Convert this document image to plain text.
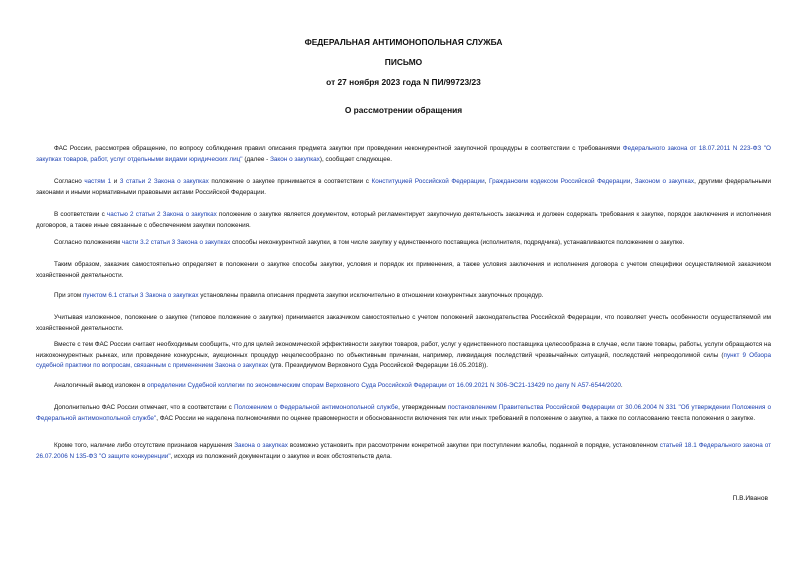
ФЕДЕРАЛЬНАЯ АНТИМОНОПОЛЬНАЯ СЛУЖБА
ПИСЬМО
от 27 ноября 2023 года N ПИ/99723/23
О рассмотрении обращения

ФАС России, рассмотрев обращение, по вопросу соблюдения правил описания предмета закупки при проведении неконкурентной закупочной процедуры в соответствии с требованиями Федерального закона от 18.07.2011 N 223-ФЗ "О закупках товаров, работ, услуг отдельными видами юридических лиц" (далее - Закон о закупках), сообщает следующее.

Согласно частям 1 и 3 статьи 2 Закона о закупках положение о закупке принимается в соответствии с Конституцией Российской Федерации, Гражданским кодексом Российской Федерации, Законом о закупках, другими федеральными законами и иными нормативными правовыми актами Российской Федерации.

В соответствии с частью 2 статьи 2 Закона о закупках положение о закупке является документом, который регламентирует закупочную деятельность заказчика и должен содержать требования к закупке, порядок заключения и исполнения договоров, а также иные связанные с обеспечением закупки положения.

Согласно положениям части 3.2 статьи 3 Закона о закупках способы неконкурентной закупки, в том числе закупку у единственного поставщика (исполнителя, подрядчика), устанавливаются положением о закупке.

Таким образом, заказчик самостоятельно определяет в положении о закупке способы закупки, условия и порядок их применения, а также условия заключения и исполнения договора с учетом специфики осуществляемой заказчиком хозяйственной деятельности.

При этом пунктом 6.1 статьи 3 Закона о закупках установлены правила описания предмета закупки исключительно в отношении конкурентных закупочных процедур.

Учитывая изложенное, положение о закупке (типовое положение о закупке) принимается заказчиком самостоятельно с учетом положений законодательства Российской Федерации, что позволяет учесть особенности осуществляемой им хозяйственной деятельности.

Вместе с тем ФАС России считает необходимым сообщить, что для целей экономической эффективности закупки товаров, работ, услуг у единственного поставщика целесообразна в случае, если такие товары, работы, услуги обращаются на низкоконкурентных рынках, или проведение конкурсных, аукционных процедур нецелесообразно по объективным причинам, например, ликвидация последствий чрезвычайных ситуаций, последствий непреодолимой силы (пункт 9 Обзора судебной практики по вопросам, связанным с применением Закона о закупках (утв. Президиумом Верховного Суда Российской Федерации 16.05.2018)).

Аналогичный вывод изложен в определении Судебной коллегии по экономическим спорам Верховного Суда Российской Федерации от 16.09.2021 N 306-ЭС21-13429 по делу N А57-6544/2020.

Дополнительно ФАС России отмечает, что в соответствии с Положением о Федеральной антимонопольной службе, утвержденным постановлением Правительства Российской Федерации от 30.06.2004 N 331 "Об утверждении Положения о Федеральной антимонопольной службе", ФАС России не наделена полномочиями по оценке правомерности и обоснованности включения тех или иных требований в положение о закупке, а также по согласованию текста положения о закупке.

Кроме того, наличие либо отсутствие признаков нарушения Закона о закупках возможно установить при рассмотрении конкретной закупки при поступлении жалобы, поданной в порядке, установленном статьей 18.1 Федерального закона от 26.07.2006 N 135-ФЗ "О защите конкуренции", исходя из положений документации о закупке и всех обстоятельств дела.

П.В.Иванов
